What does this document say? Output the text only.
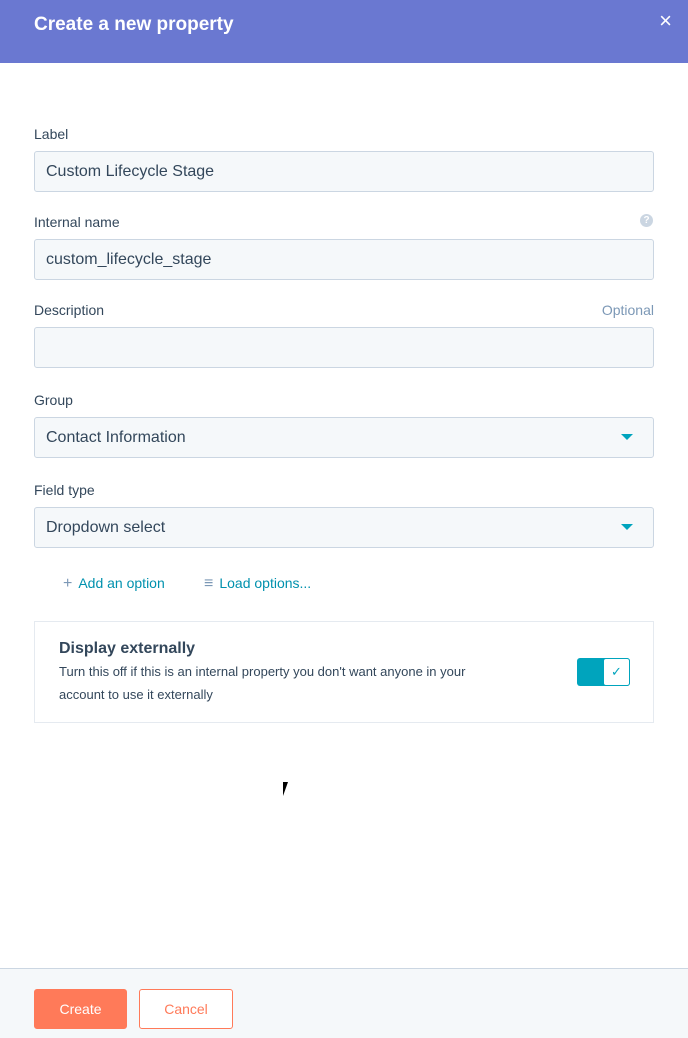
Create a new property	×
Label
Custom Lifecycle Stage
Internal name	?
custom_lifecycle_stage
Description	Optional
Group
Contact Information
Field type
Dropdown select
+ Add an option ≡ Load options...
Display externally
Turn this off if this is an internal property you don't want anyone in your account to use it externally
✓
Create	Cancel
